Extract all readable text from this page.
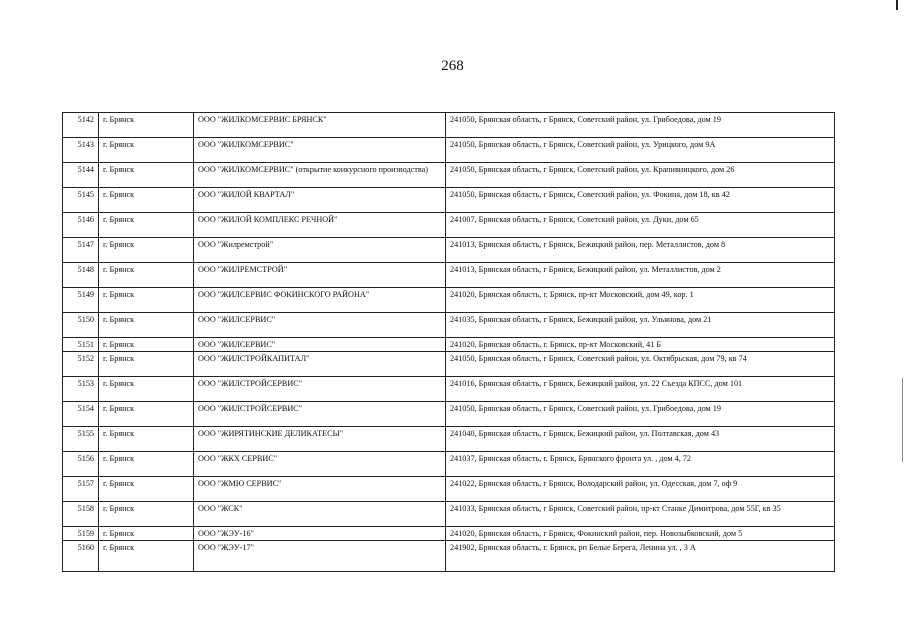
268
5142	г. Брянск	ООО "ЖИЛКОМСЕРВИС БРЯНСК"	241050, Брянская область, г Брянск, Советский район, ул. Грибоедова, дом 19
5143	г. Брянск	ООО "ЖИЛКОМСЕРВИС"	241050, Брянская область, г Брянск, Советский район, ул. Урицкого, дом 9А
5144	г. Брянск	ООО "ЖИЛКОМСЕРВИС" (открытие конкурсного производства)	241050, Брянская область, г Брянск, Советский район, ул. Крапивницкого, дом 26
5145	г. Брянск	ООО "ЖИЛОЙ КВАРТАЛ"	241050, Брянская область, г Брянск, Советский район, ул. Фокина, дом 18, кв 42
5146	г. Брянск	ООО "ЖИЛОЙ КОМПЛЕКС РЕЧНОЙ"	241007, Брянская область, г Брянск, Советский район, ул. Дуки, дом 65
5147	г. Брянск	ООО "Жилремстрой"	241013, Брянская область, г Брянск, Бежицкий район, пер. Металлистов, дом 8
5148	г. Брянск	ООО "ЖИЛРЕМСТРОЙ"	241013, Брянская область, г Брянск, Бежицкий район, ул. Металлистов, дом 2
5149	г. Брянск	ООО "ЖИЛСЕРВИС ФОКИНСКОГО РАЙОНА"	241020, Брянская область, г. Брянск, пр-кт Московский, дом 49, кор. 1
5150	г. Брянск	ООО "ЖИЛСЕРВИС"	241035, Брянская область, г Брянск, Бежицкий район, ул. Ульянова, дом 21
5151	г. Брянск	ООО "ЖИЛСЕРВИС"	241020, Брянская область, г. Брянск, пр-кт Московский, 41 Б
5152	г. Брянск	ООО "ЖИЛСТРОЙКАПИТАЛ"	241050, Брянская область, г Брянск, Советский район, ул. Октябрьская, дом 79, кв 74
5153	г. Брянск	ООО "ЖИЛСТРОЙСЕРВИС"	241016, Брянская область, г Брянск, Бежицкий район, ул. 22 Съезда КПСС, дом 101
5154	г. Брянск	ООО "ЖИЛСТРОЙСЕРВИС"	241050, Брянская область, г Брянск, Советский район, ул. Грибоедова, дом 19
5155	г. Брянск	ООО "ЖИРЯТИНСКИЕ ДЕЛИКАТЕСЫ"	241040, Брянская область, г Брянск, Бежицкий район, ул. Полтавская, дом 43
5156	г. Брянск	ООО "ЖКХ СЕРВИС"	241037, Брянская область, г. Брянск, Брянского фронта ул. , дом 4, 72
5157	г. Брянск	ООО "ЖМЮ СЕРВИС"	241022, Брянская область, г Брянск, Володарский район, ул. Одесская, дом 7, оф 9
5158	г. Брянск	ООО "ЖСК"	241033, Брянская область, г Брянск, Советский район, пр-кт Станке Димитрова, дом 55Г, кв 35
5159	г. Брянск	ООО "ЖЭУ-16"	241020, Брянская область, г Брянск, Фокинский район, пер. Новозыбковский, дом 5
5160	г. Брянск	ООО "ЖЭУ-17"	241902, Брянская область, г. Брянск, рп Белые Берега, Ленина ул. , 3 А
